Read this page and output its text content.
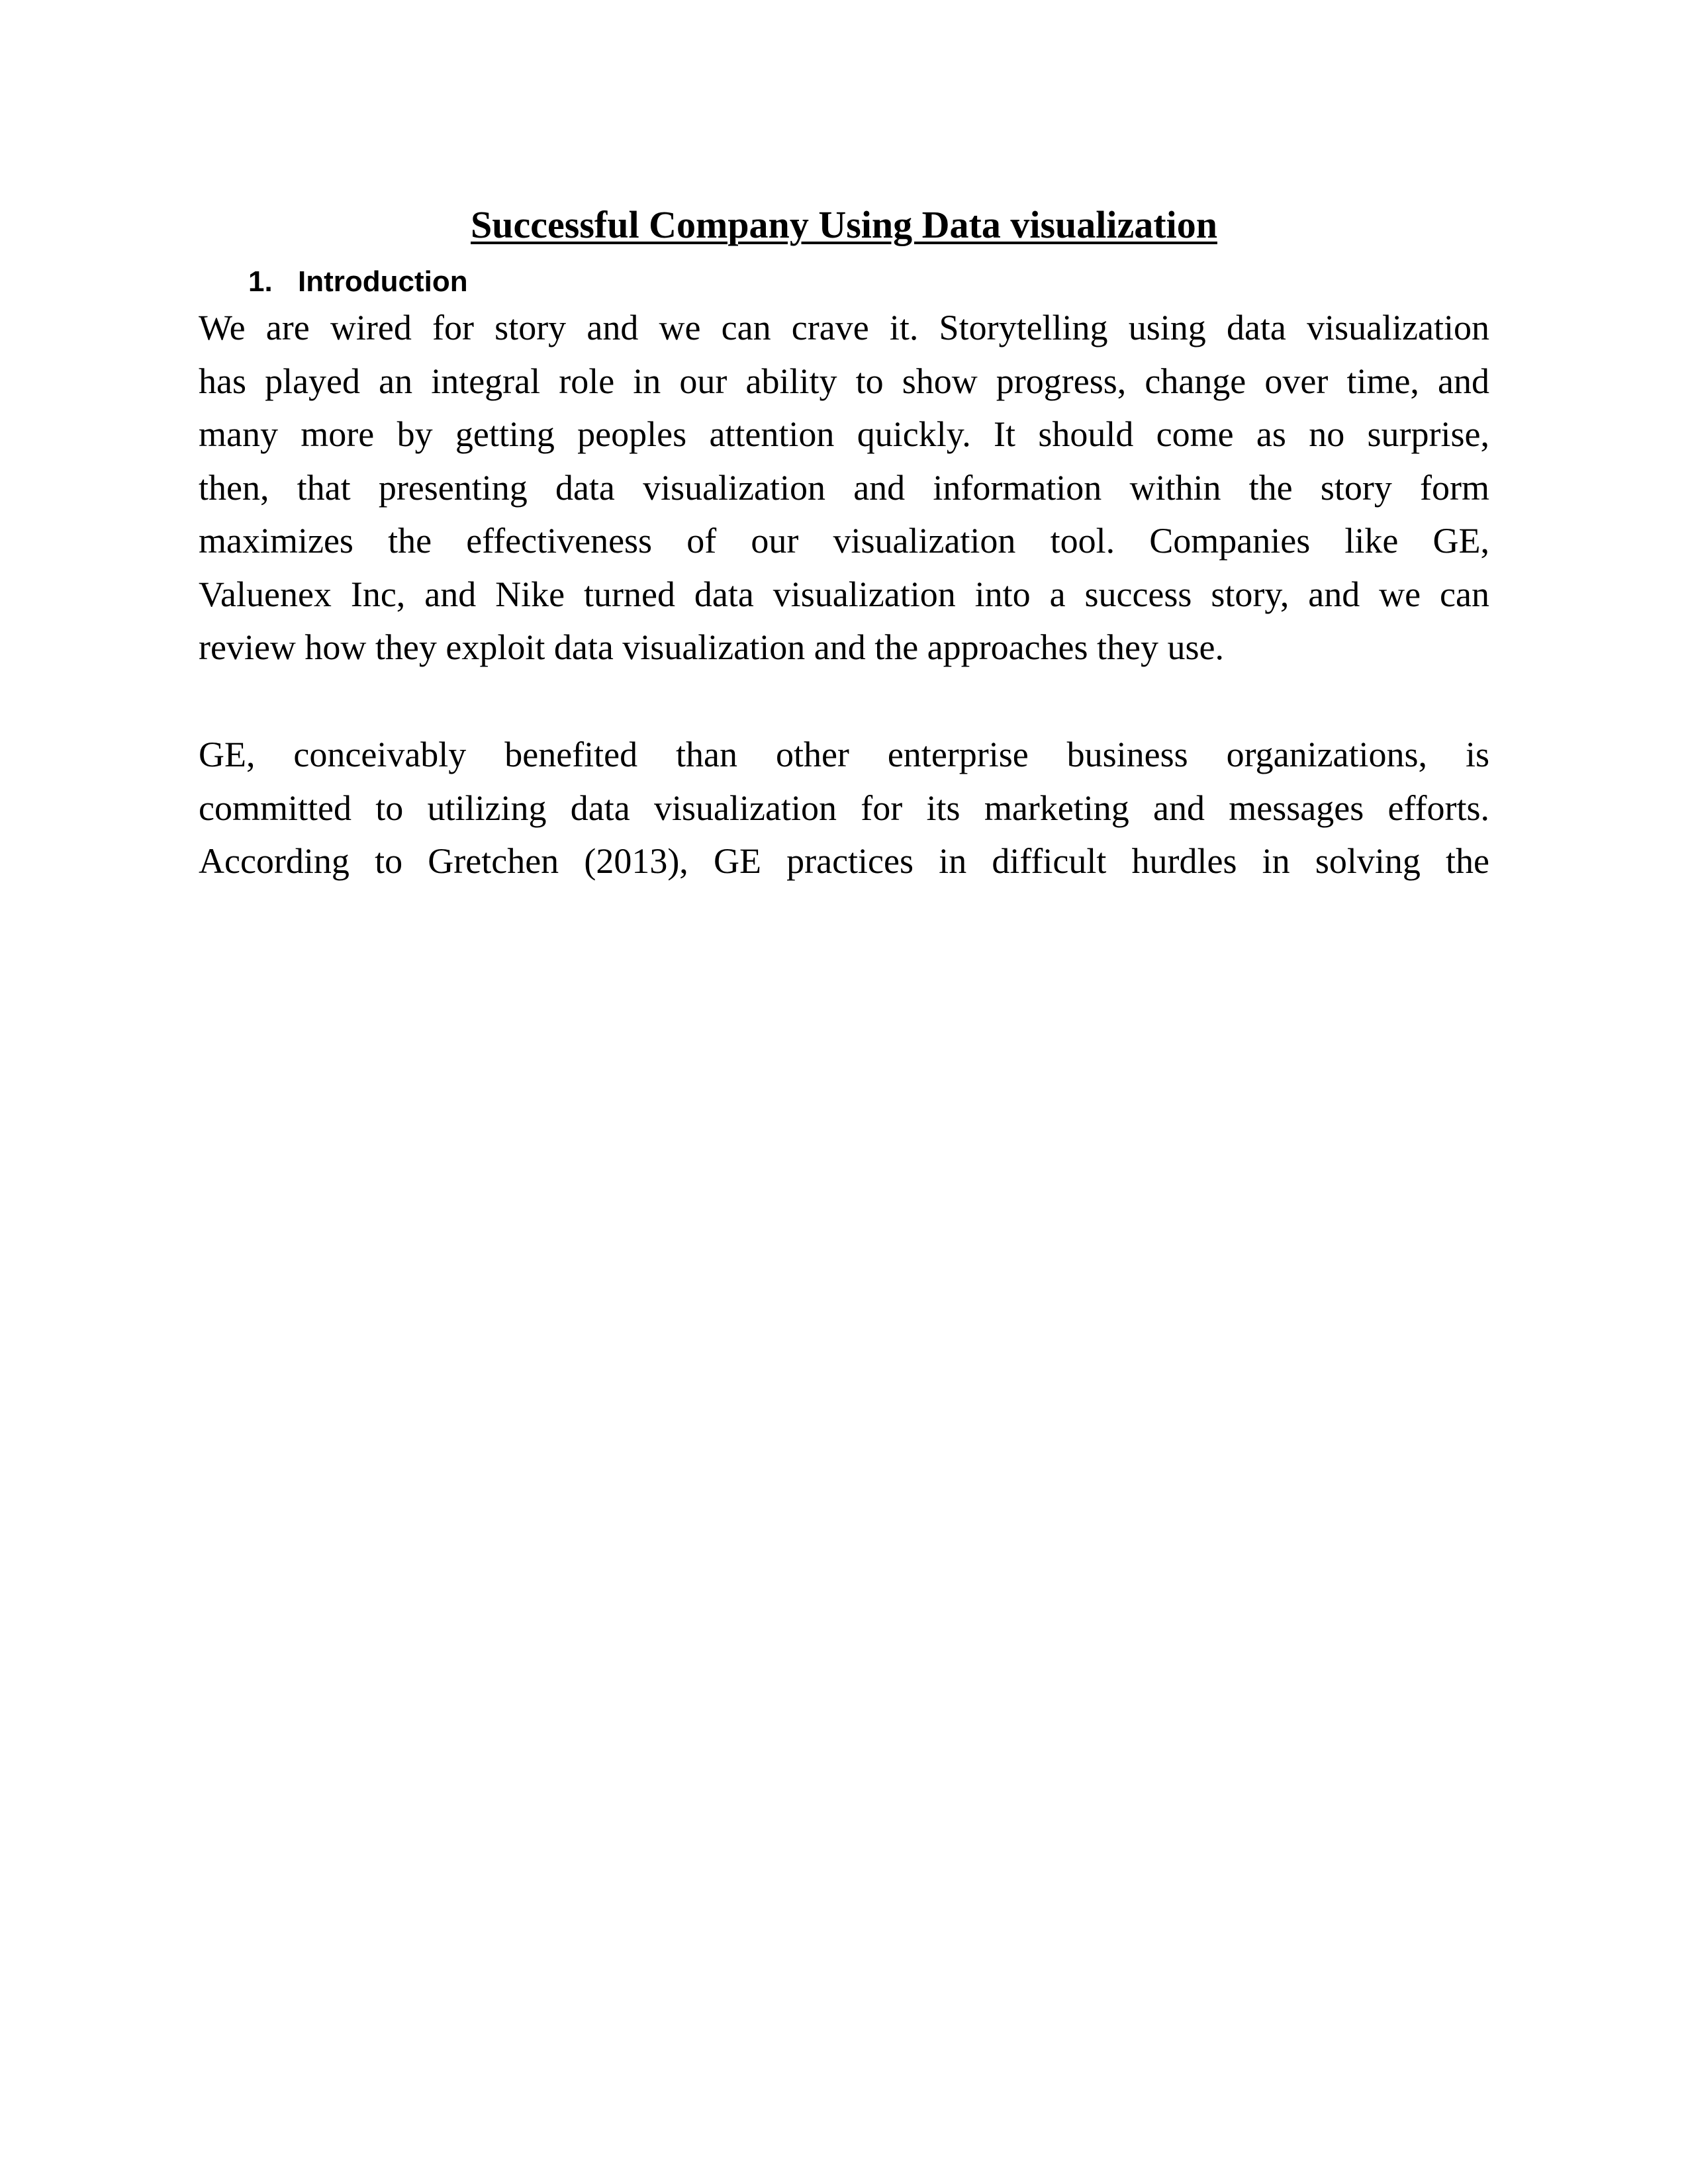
Successful Company Using Data visualization
1. Introduction

We are wired for story and we can crave it. Storytelling using data visualization
has played an integral role in our ability to show progress, change over time, and
many more by getting peoples attention quickly. It should come as no surprise,
then, that presenting data visualization and information within the story form
maximizes the effectiveness of our visualization tool. Companies like GE,
Valuenex Inc, and Nike turned data visualization into a success story, and we can
review how they exploit data visualization and the approaches they use.

GE, conceivably benefited than other enterprise business organizations, is
committed to utilizing data visualization for its marketing and messages efforts.
According to Gretchen (2013), GE practices in difficult hurdles in solving the
